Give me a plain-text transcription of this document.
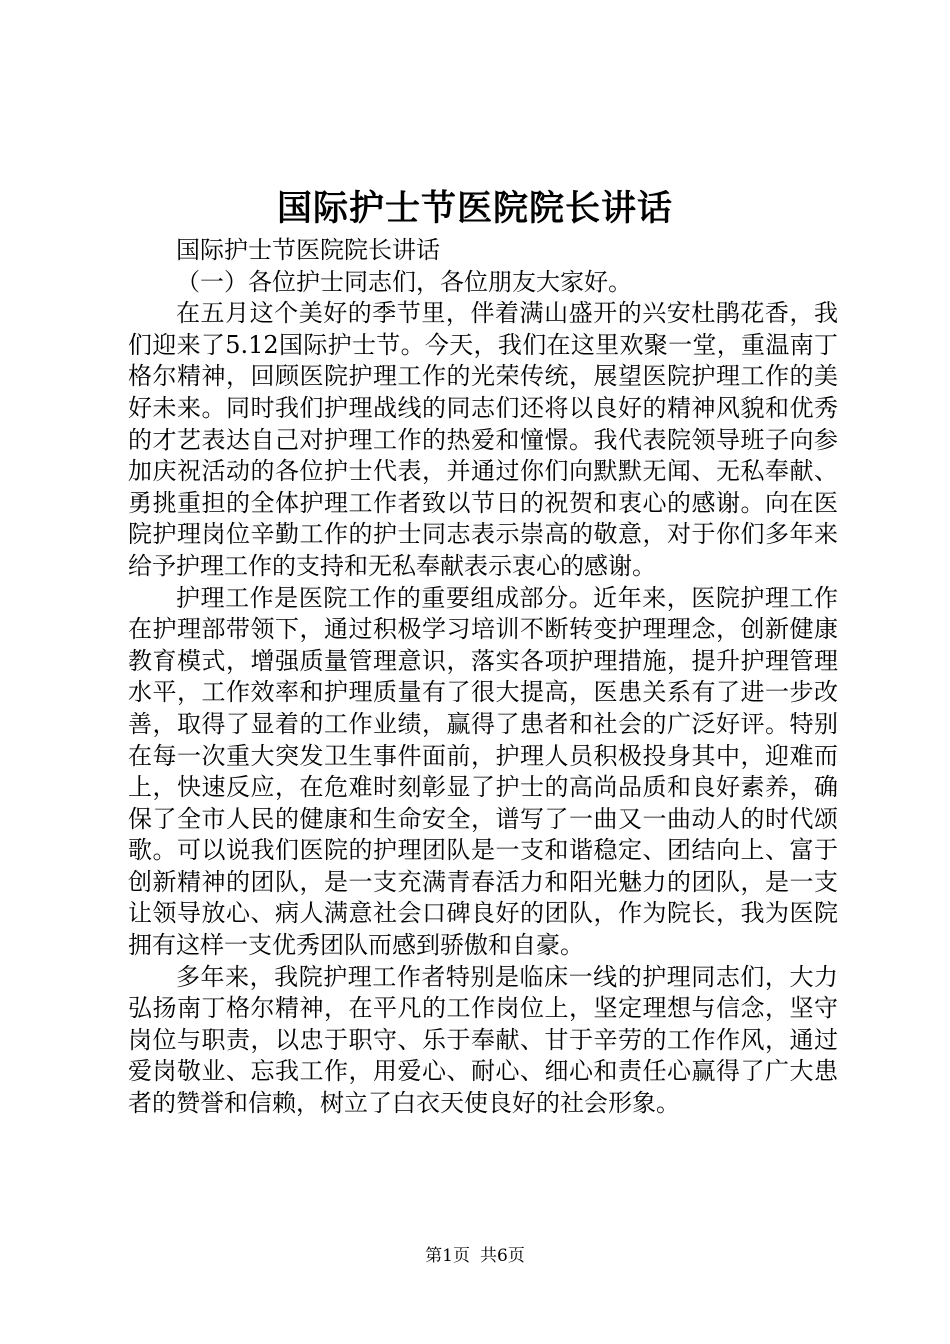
国际护士节医院院长讲话

国际护士节医院院长讲话

（一）各位护士同志们，各位朋友大家好。

在五月这个美好的季节里，伴着满山盛开的兴安杜鹃花香，我们迎来了5.12国际护士节。今天，我们在这里欢聚一堂，重温南丁格尔精神，回顾医院护理工作的光荣传统，展望医院护理工作的美好未来。同时我们护理战线的同志们还将以良好的精神风貌和优秀的才艺表达自己对护理工作的热爱和憧憬。我代表院领导班子向参加庆祝活动的各位护士代表，并通过你们向默默无闻、无私奉献、勇挑重担的全体护理工作者致以节日的祝贺和衷心的感谢。向在医院护理岗位辛勤工作的护士同志表示崇高的敬意，对于你们多年来给予护理工作的支持和无私奉献表示衷心的感谢。

护理工作是医院工作的重要组成部分。近年来，医院护理工作在护理部带领下，通过积极学习培训不断转变护理理念，创新健康教育模式，增强质量管理意识，落实各项护理措施，提升护理管理水平，工作效率和护理质量有了很大提高，医患关系有了进一步改善，取得了显着的工作业绩，赢得了患者和社会的广泛好评。特别在每一次重大突发卫生事件面前，护理人员积极投身其中，迎难而上，快速反应，在危难时刻彰显了护士的高尚品质和良好素养，确保了全市人民的健康和生命安全，谱写了一曲又一曲动人的时代颂歌。可以说我们医院的护理团队是一支和谐稳定、团结向上、富于创新精神的团队，是一支充满青春活力和阳光魅力的团队，是一支让领导放心、病人满意社会口碑良好的团队，作为院长，我为医院拥有这样一支优秀团队而感到骄傲和自豪。

多年来，我院护理工作者特别是临床一线的护理同志们，大力弘扬南丁格尔精神，在平凡的工作岗位上，坚定理想与信念，坚守岗位与职责，以忠于职守、乐于奉献、甘于辛劳的工作作风，通过爱岗敬业、忘我工作，用爱心、耐心、细心和责任心赢得了广大患者的赞誉和信赖，树立了白衣天使良好的社会形象。

第1页 共6页
